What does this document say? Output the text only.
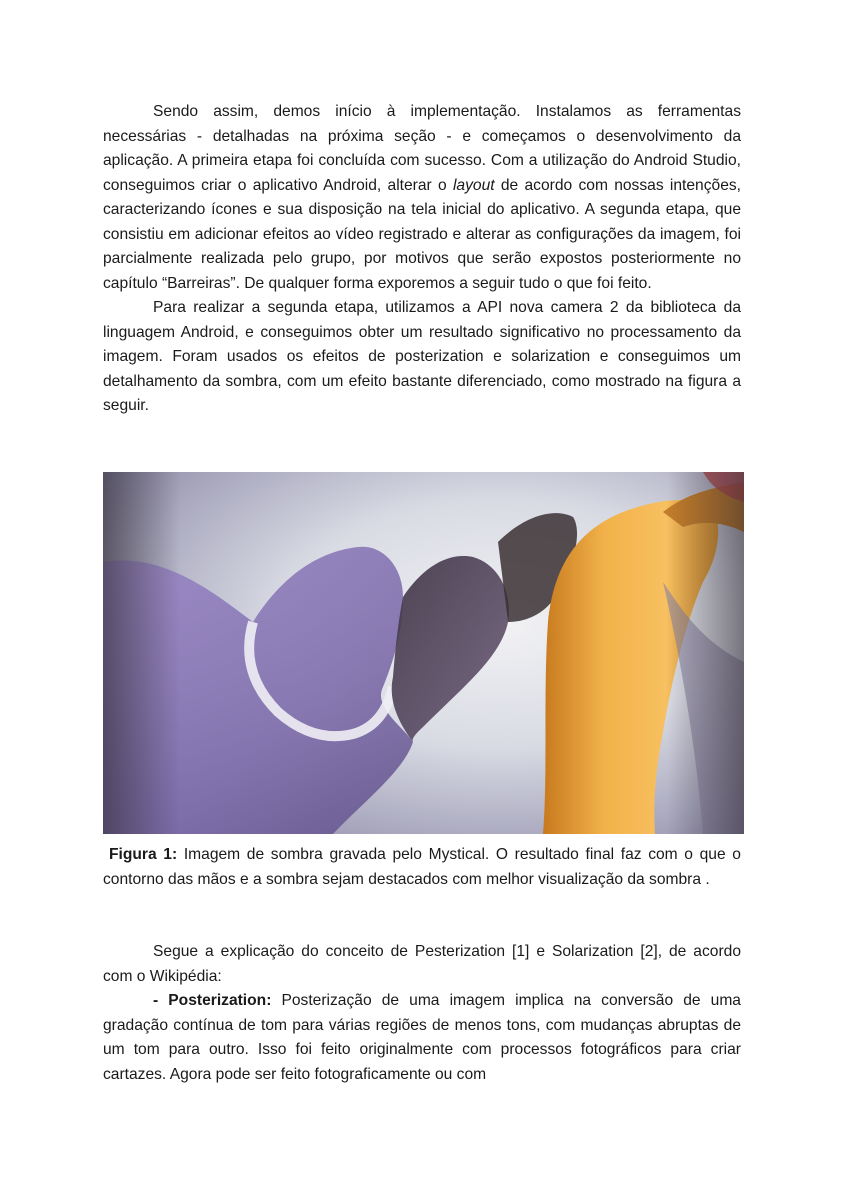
Sendo assim, demos início à implementação. Instalamos as ferramentas necessárias - detalhadas na próxima seção - e começamos o desenvolvimento da aplicação. A primeira etapa foi concluída com sucesso. Com a utilização do Android Studio, conseguimos criar o aplicativo Android, alterar o layout de acordo com nossas intenções, caracterizando ícones e sua disposição na tela inicial do aplicativo. A segunda etapa, que consistiu em adicionar efeitos ao vídeo registrado e alterar as configurações da imagem, foi parcialmente realizada pelo grupo, por motivos que serão expostos posteriormente no capítulo “Barreiras”. De qualquer forma exporemos a seguir tudo o que foi feito.

Para realizar a segunda etapa, utilizamos a API nova camera 2 da biblioteca da linguagem Android, e conseguimos obter um resultado significativo no processamento da imagem. Foram usados os efeitos de posterization e solarization e conseguimos um detalhamento da sombra, com um efeito bastante diferenciado, como mostrado na figura a seguir.

Figura 1: Imagem de sombra gravada pelo Mystical. O resultado final faz com o que o contorno das mãos e a sombra sejam destacados com melhor visualização da sombra .

Segue a explicação do conceito de Pesterization [1] e Solarization [2], de acordo com o Wikipédia:

- Posterization: Posterização de uma imagem implica na conversão de uma gradação contínua de tom para várias regiões de menos tons, com mudanças abruptas de um tom para outro. Isso foi feito originalmente com processos fotográficos para criar cartazes. Agora pode ser feito fotograficamente ou com
